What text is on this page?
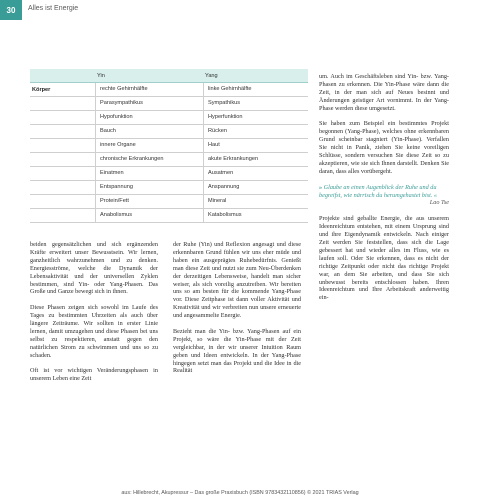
30	Alles ist Energie
Yin	Yang
Körper	rechte Gehirnhälfte	linke Gehirnhälfte
Parasympathikus	Sympathikus
Hypofunktion	Hyperfunktion
Bauch	Rücken
innere Organe	Haut
chronische Erkrankungen	akute Erkrankungen
Einatmen	Ausatmen
Entspannung	Anspannung
Protein/Fett	Mineral
Anabolismus	Katabolismus

beiden gegensätzlichen und sich ergänzenden Kräfte erweitert unser Bewusstsein. Wir lernen, ganzheitlich wahrzunehmen und zu denken. Energiesströme, welche die Dynamik der Lebensaktivität und der universellen Zyklen bestimmen, sind Yin- oder Yang-Phasen. Das Große und Ganze bewegt sich in ihnen.

Diese Phasen zeigen sich sowohl im Laufe des Tages zu bestimmten Uhrzeiten als auch über längere Zeiträume. Wir sollten in erster Linie lernen, damit umzugehen und diese Phasen bei uns selbst zu respektieren, anstatt gegen den natürlichen Strom zu schwimmen und uns so zu schaden.

Oft ist vor wichtigen Veränderungsphasen in unserem Leben eine Zeit

der Ruhe (Yin) und Reflexion angesagt und diese erkennbaren Grund fühlen wir uns eher müde und haben ein ausgeprägtes Ruhebedürfnis. Genießt man diese Zeit und nutzt sie zum Neu-Überdenken der derzeitigen Lebensweise, handelt man sicher weiser, als sich voreilig anzutreiben. Wir bereiten uns so am besten für die kommende Yang-Phase vor. Diese Zeitphase ist dann voller Aktivität und Kreativität und wir verbreiten nun unsere erneuerte und angesammelte Energie.

Bezieht man die Yin- bzw. Yang-Phasen auf ein Projekt, so wäre die Yin-Phase mit der Zeit vergleichbar, in der wir unserer Intuition Raum geben und Ideen entwickeln. In der Yang-Phase hingegen setzt man das Projekt und die Idee in die Realität

um. Auch im Geschäftsleben sind Yin- bzw. Yang-Phasen zu erkennen. Die Yin-Phase wäre dann die Zeit, in der man sich auf Neues besinnt und Änderungen geistiger Art vornimmt. In der Yang-Phase werden diese umgesetzt.

Sie haben zum Beispiel ein bestimmtes Projekt begonnen (Yang-Phase), welches ohne erkennbaren Grund scheinbar stagniert (Yin-Phase). Verfallen Sie nicht in Panik, ziehen Sie keine voreiligen Schlüsse, sondern versuchen Sie diese Zeit so zu akzeptieren, wie sie sich Ihnen darstellt. Denken Sie daran, dass alles vorübergeht.

» Glaube an einen Augenblick der Ruhe und du begreifst, wie närrisch du herumgehastet bist. «
Lao Tse

Projekte sind geballte Energie, die aus unserem Ideenreichtum entstehen, mit einem Ursprung sind und ihre Eigendynamik entwickeln. Nach einiger Zeit werden Sie feststellen, dass sich die Lage gebessert hat und wieder alles im Fluss, wie es laufen soll. Oder Sie erkennen, dass es nicht der richtige Zeitpunkt oder nicht das richtige Projekt war, an dem Sie arbeiten, und dass Sie sich unbewusst bereits entschlossen haben. Ihren Ideenreichtum und Ihre Arbeitskraft anderweitig ein-

aus: Hillebrecht, Akupressur – Das große Praxisbuch (ISBN 9783432110856) © 2021 TRIAS Verlag
